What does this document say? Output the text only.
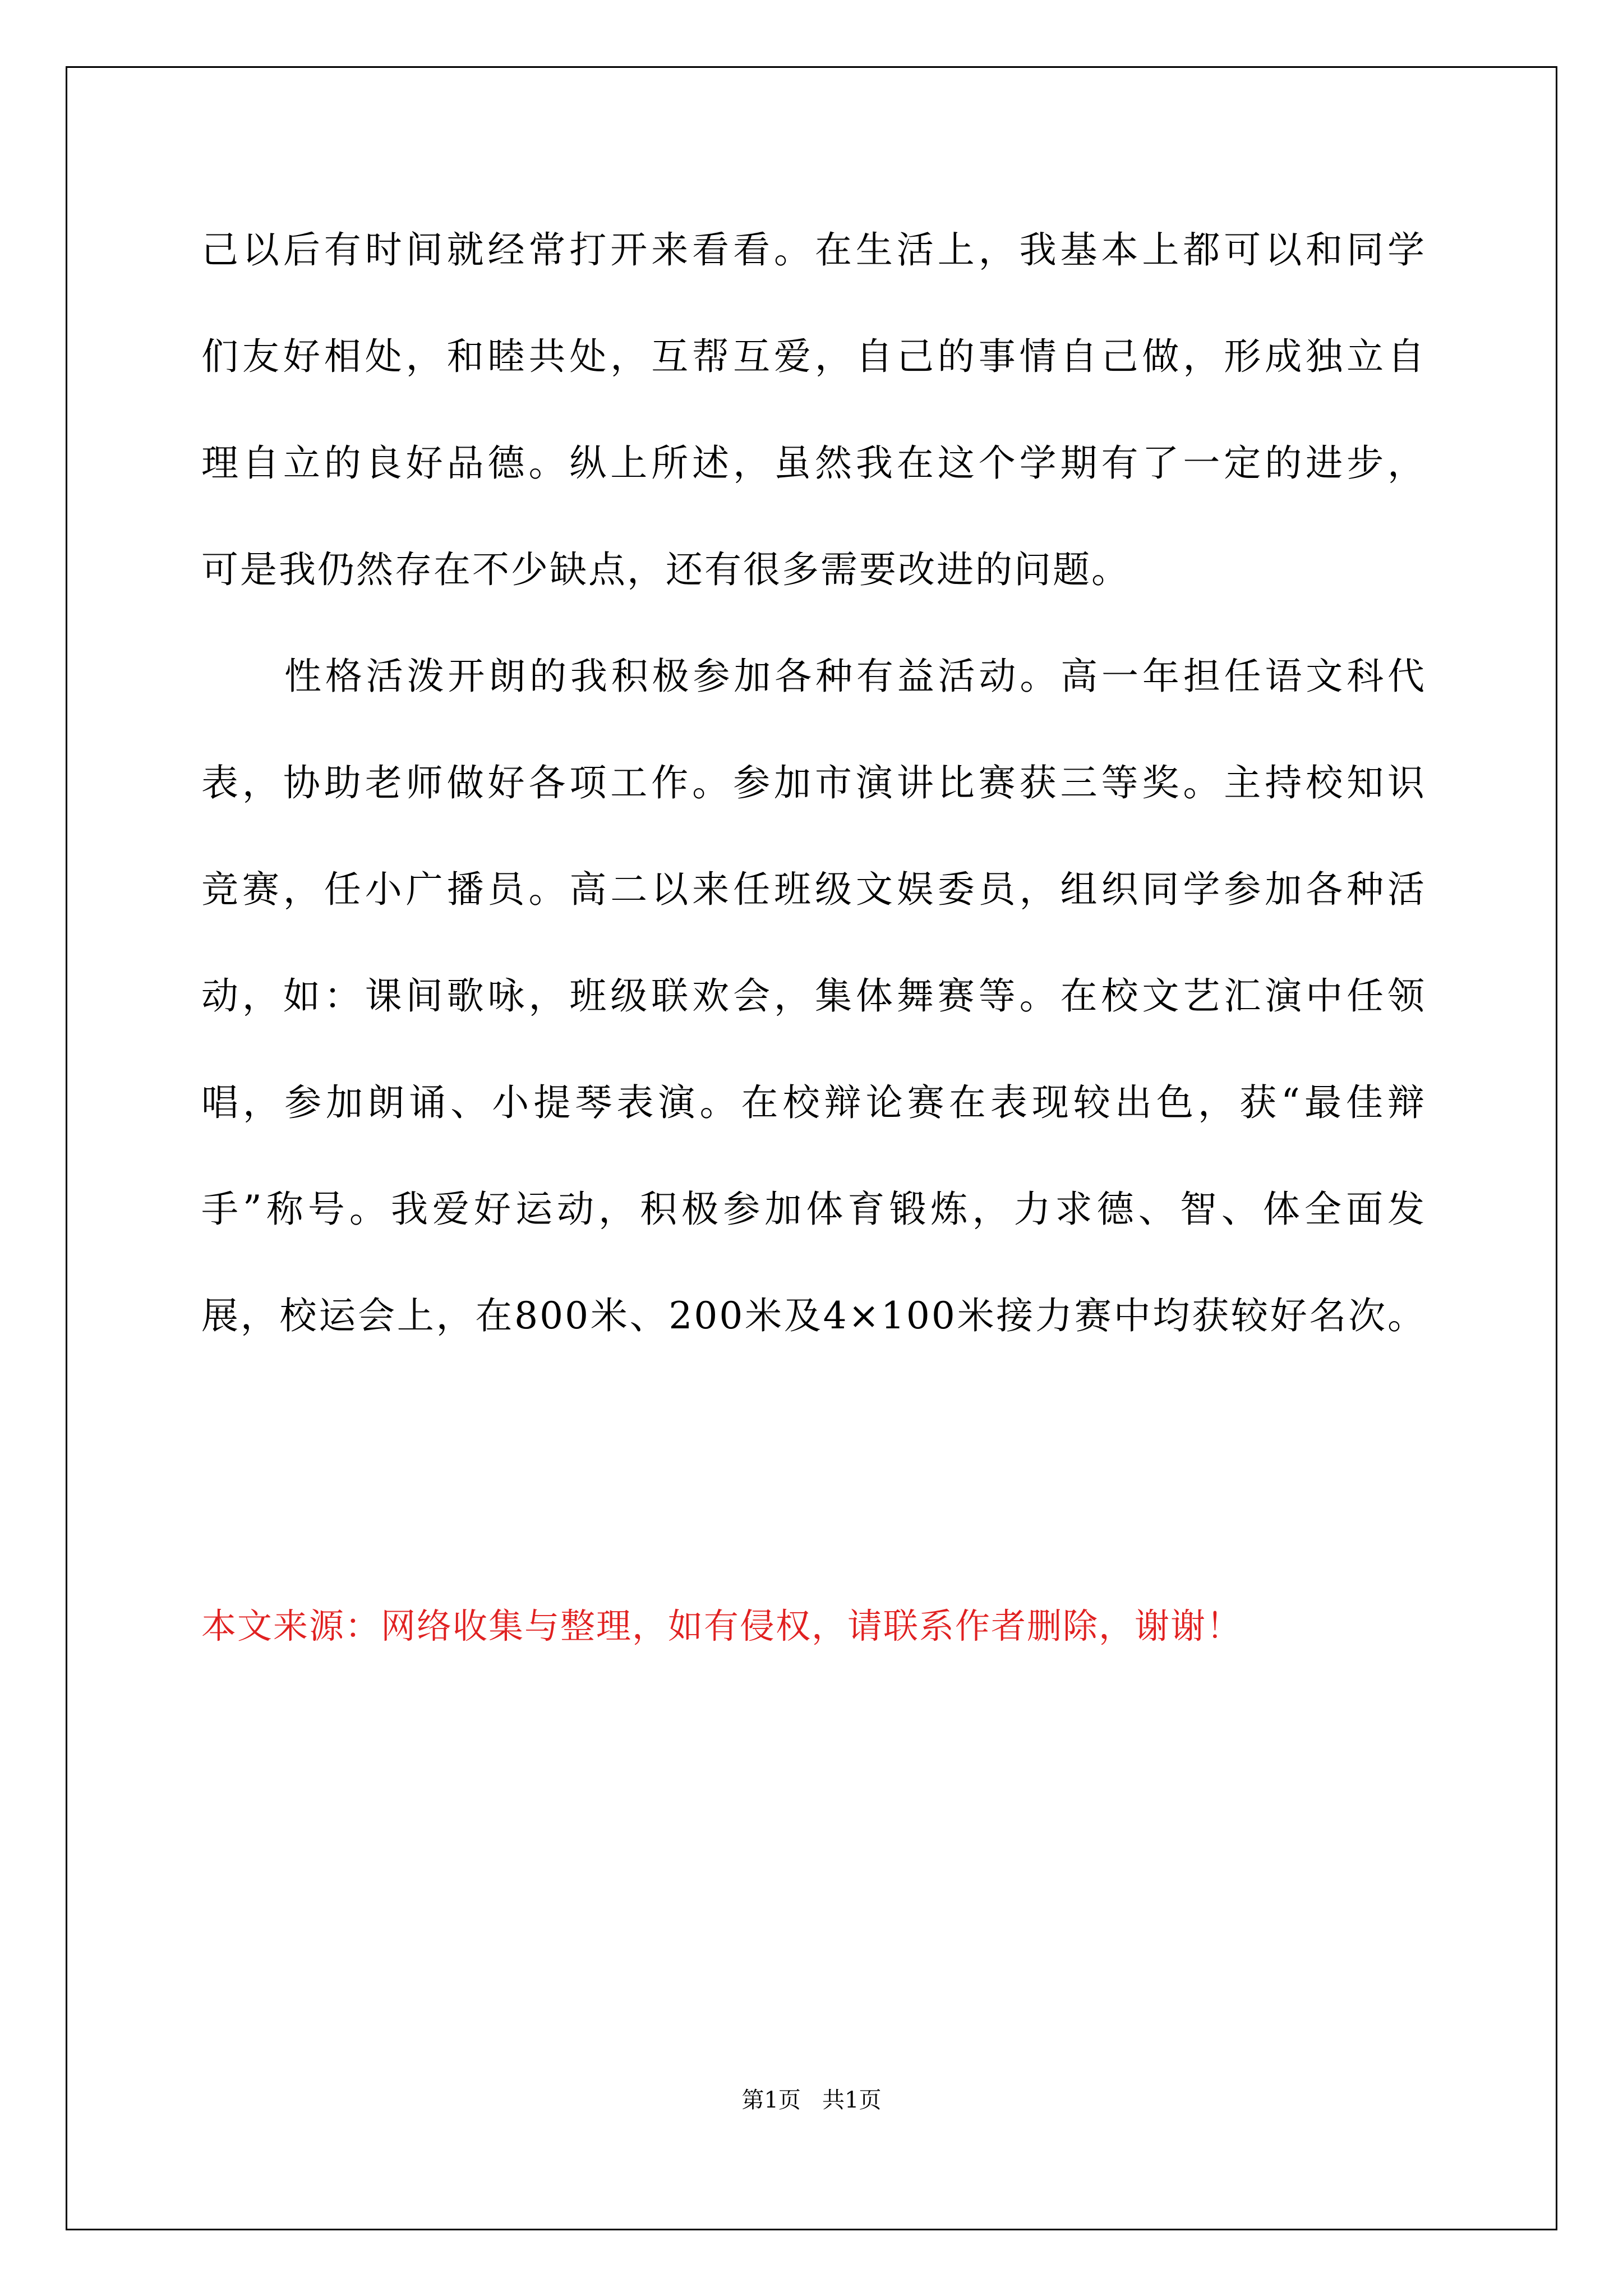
己以后有时间就经常打开来看看。在生活上，我基本上都可以和同学
们友好相处，和睦共处，互帮互爱，自己的事情自己做，形成独立自
理自立的良好品德。纵上所述，虽然我在这个学期有了一定的进步，
可是我仍然存在不少缺点，还有很多需要改进的问题。
性格活泼开朗的我积极参加各种有益活动。高一年担任语文科代
表，协助老师做好各项工作。参加市演讲比赛获三等奖。主持校知识
竞赛，任小广播员。高二以来任班级文娱委员，组织同学参加各种活
动，如：课间歌咏，班级联欢会，集体舞赛等。在校文艺汇演中任领
唱，参加朗诵、小提琴表演。在校辩论赛在表现较出色，获“最佳辩
手”称号。我爱好运动，积极参加体育锻炼，力求德、智、体全面发
展，校运会上，在800米、200米及4×100米接力赛中均获较好名次。
本文来源：网络收集与整理，如有侵权，请联系作者删除，谢谢！
第1页   共1页
